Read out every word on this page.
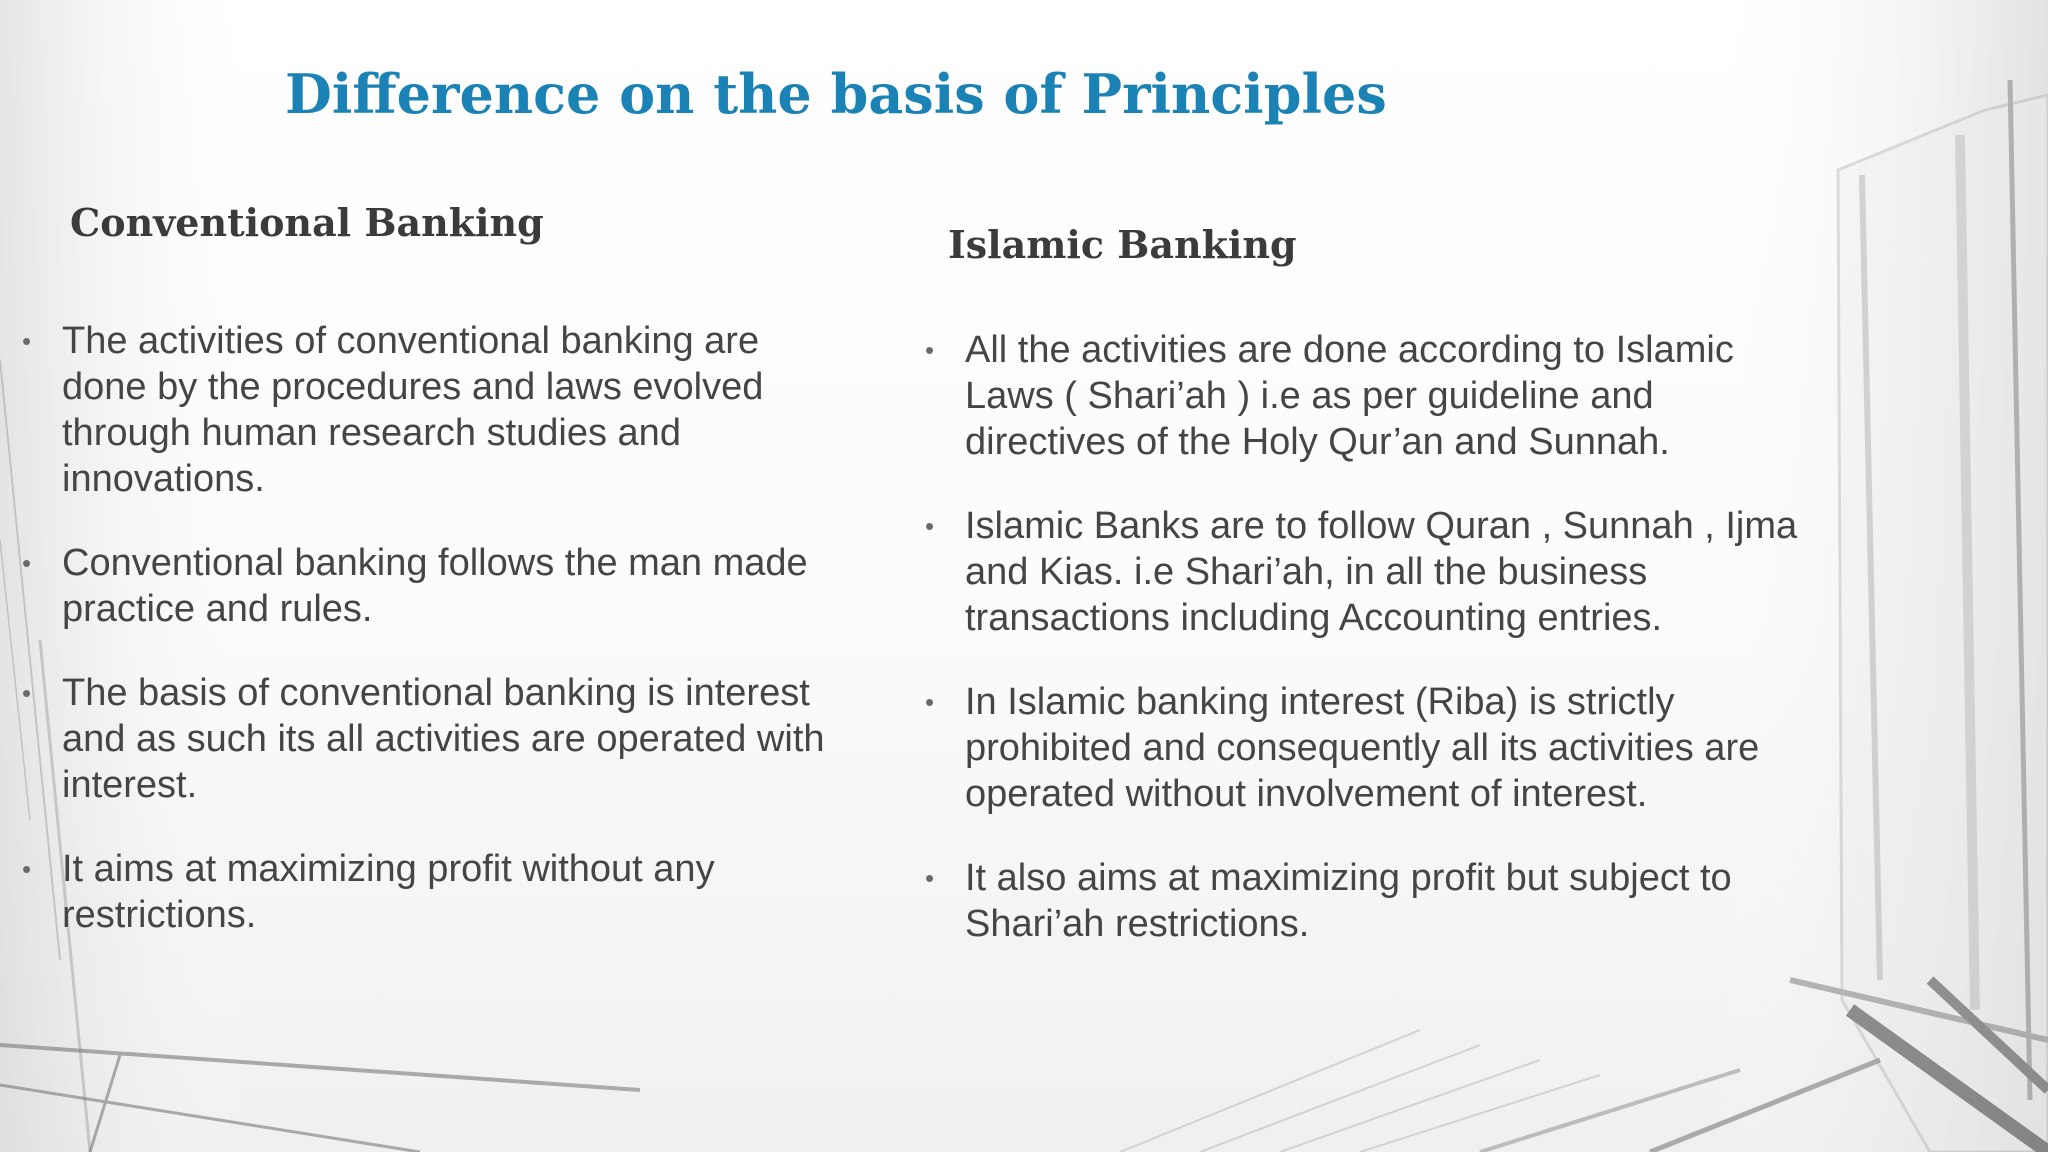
Difference on the basis of Principles
Conventional Banking	Islamic Banking
• The activities of conventional banking are done by the procedures and laws evolved through human research studies and innovations.
• Conventional banking follows the man made practice and rules.
• The basis of conventional banking is interest and as such its all activities are operated with interest.
• It aims at maximizing profit without any restrictions.
• All the activities are done according to Islamic Laws ( Shari’ah ) i.e as per guideline and directives of the Holy Qur’an and Sunnah.
• Islamic Banks are to follow Quran , Sunnah , Ijma and Kias. i.e Shari’ah, in all the business transactions including Accounting entries.
• In Islamic banking interest (Riba) is strictly prohibited and consequently all its activities are operated without involvement of interest.
• It also aims at maximizing profit but subject to Shari’ah restrictions.
